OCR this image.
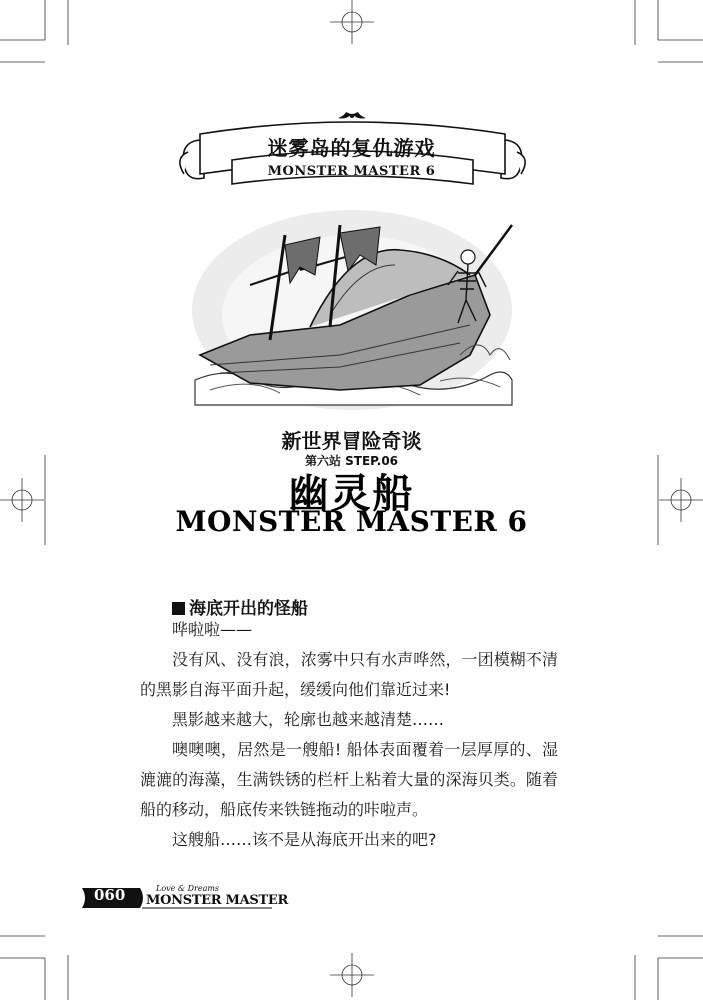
迷雾岛的复仇游戏
MONSTER MASTER 6
新世界冒险奇谈
第六站 STEP.06
幽灵船
MONSTER MASTER 6
海底开出的怪船

哗啦啦——

没有风、没有浪，浓雾中只有水声哗然，一团模糊不清的黑影自海平面升起，缓缓向他们靠近过来!

黑影越来越大，轮廓也越来越清楚……

噢噢噢，居然是一艘船! 船体表面覆着一层厚厚的、湿漉漉的海藻，生满铁锈的栏杆上粘着大量的深海贝类。随着船的移动，船底传来铁链拖动的咔啦声。

这艘船……该不是从海底开出来的吧?

060	Love & Dreams
MONSTER MASTER
